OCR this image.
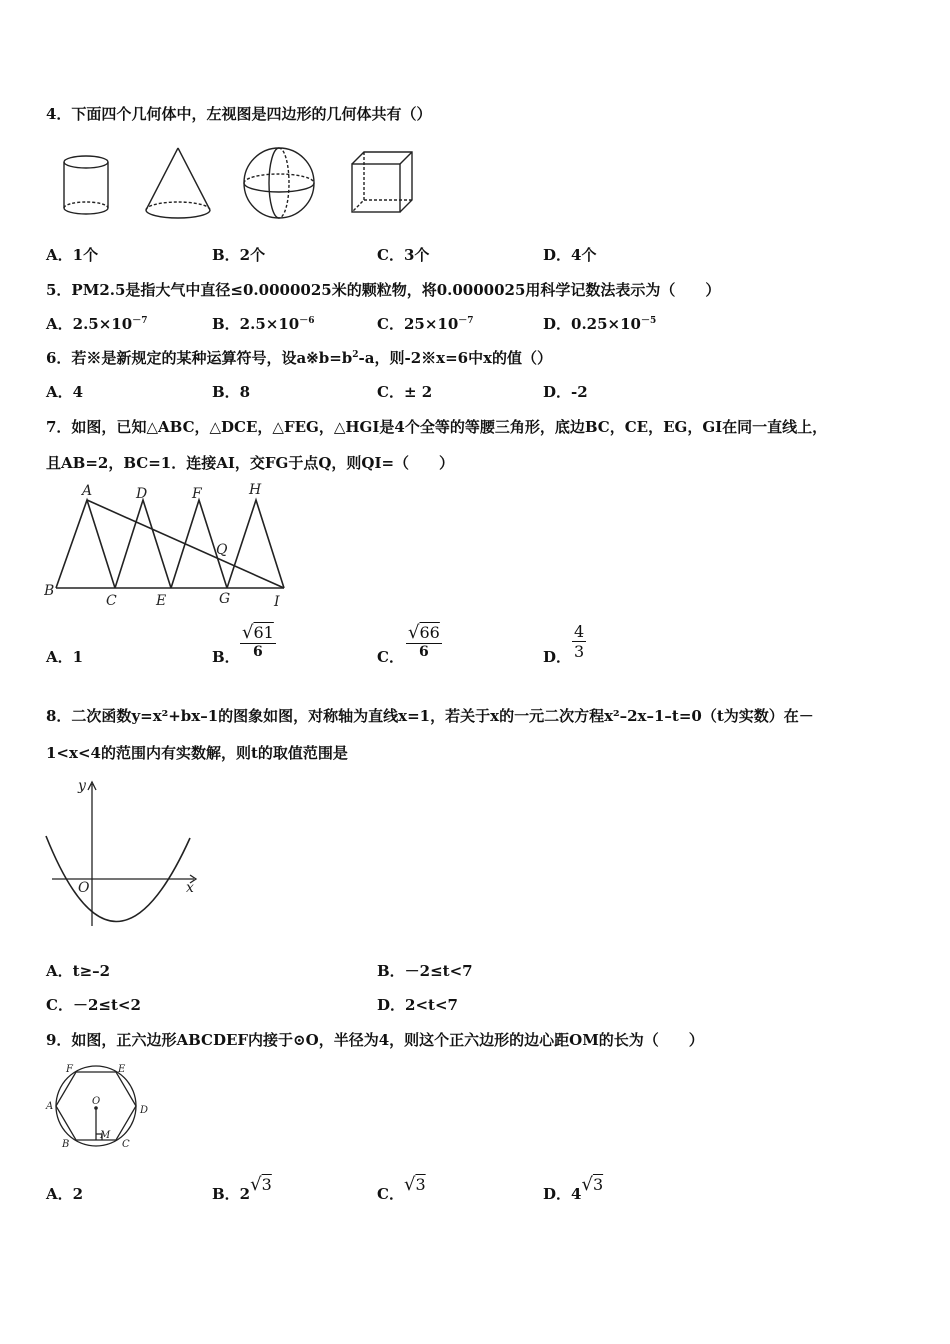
4．下面四个几何体中，左视图是四边形的几何体共有（）
A．1个	B．2个	C．3个	D．4个
5．PM2.5是指大气中直径≤0.0000025米的颗粒物，将0.0000025用科学记数法表示为（　　）
A．$2.5\times 10^{-7}$	B．$2.5\times 10^{-6}$	C．$25\times 10^{-7}$	D．$0.25\times 10^{-5}$
6．若※是新规定的某种运算符号，设$a※b=b^2-a$，则-2※x=6中x的值（）
A．4	B．8	C．± 2	D．-2
7．如图，已知△ABC，△DCE，△FEG，△HGI是4个全等的等腰三角形，底边BC，CE，EG，GI在同一直线上，
且AB=2，BC=1．连接AI，交FG于点Q，则QI=（　　）
A	D	F	H
B
C	E	G	I
Q
A．1	B． $\frac{√61}{6}$	C． $\frac{√66}{6}$	D． $\frac{4}{3}$
8．二次函数y=x²+bx–1的图象如图，对称轴为直线x=1，若关于x的一元二次方程x²–2x–1–t=0（t为实数）在－
1<x<4的范围内有实数解，则t的取值范围是
y
x
O
A．t≥–2	B．－2≤t<7
C．－2≤t<2	D．2<t<7
9．如图，正六边形ABCDEF内接于⊙O，半径为4，则这个正六边形的边心距OM的长为（　　）
F	E
A	D
O
B
M
C
A．2	B．2√3	C．√3	D．4√3
